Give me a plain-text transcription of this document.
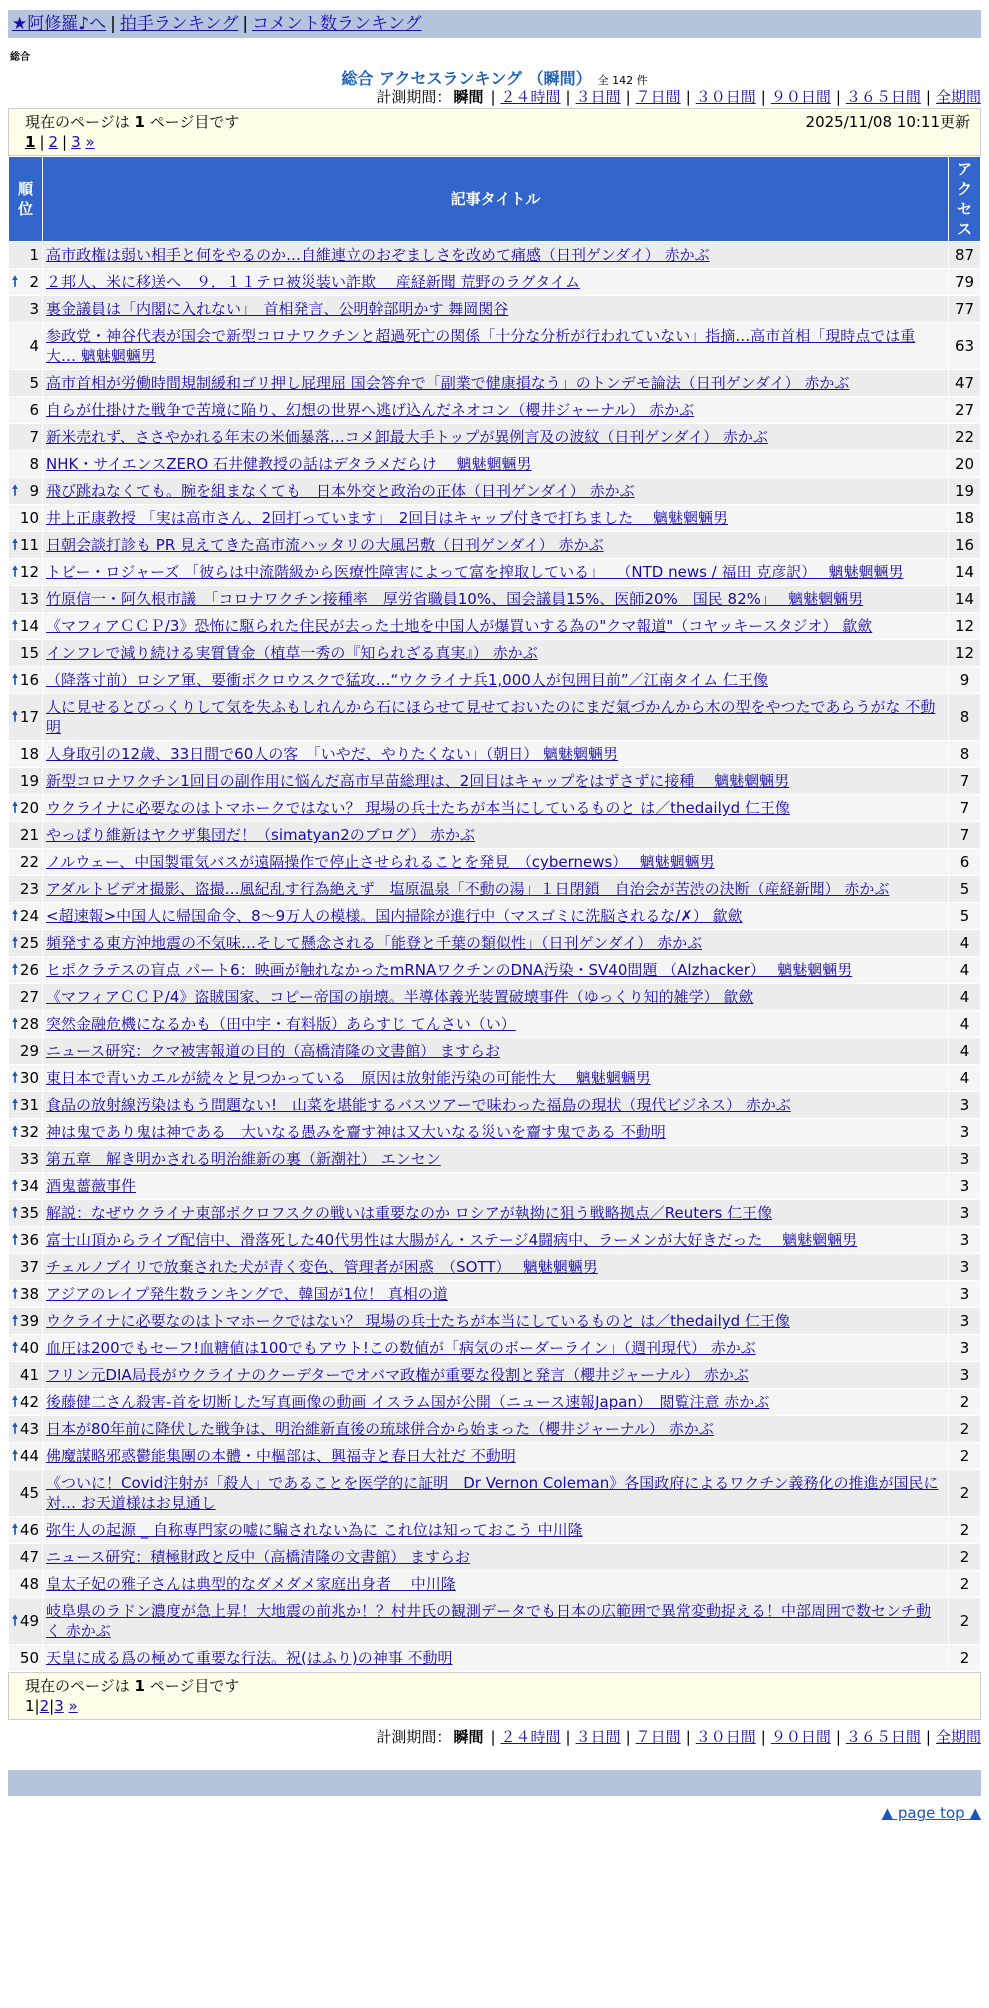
★阿修羅♪へ | 拍手ランキング | コメント数ランキング
総合
総合 アクセスランキング （瞬間） 全 142 件
計測期間： 瞬間 | ２４時間 | ３日間 | ７日間 | ３０日間 | ９０日間 | ３６５日間 | 全期間
現在のページは 1 ページ目です	2025/11/08 10:11更新
1 | 2 | 3 »
順位	記事タイトル	アクセス
1	高市政権は弱い相手と何をやるのか…自維連立のおぞましさを改めて痛感（日刊ゲンダイ） 赤かぶ	87

🠕 2	２邦人、米に移送へ　９．１１テロ被災装い詐欺　 産経新聞 荒野のラグタイム	79
3	裏金議員は「内閣に入れない」　首相発言、公明幹部明かす 舞岡関谷	77
4	参政党・神谷代表が国会で新型コロナワクチンと超過死亡の関係「十分な分析が行われていない」指摘…高市首相「現時点では重大… 魑魅魍魎男	63
5	高市首相が労働時間規制緩和ゴリ押し屁理屈 国会答弁で「副業で健康損なう」のトンデモ論法（日刊ゲンダイ） 赤かぶ	47
6	自らが仕掛けた戦争で苦境に陥り、幻想の世界へ逃げ込んだネオコン（櫻井ジャーナル） 赤かぶ	27
7	新米売れず、ささやかれる年末の米価暴落…コメ卸最大手トップが異例言及の波紋（日刊ゲンダイ） 赤かぶ	22
8	NHK・サイエンスZERO 石井健教授の話はデタラメだらけ　 魑魅魍魎男	20

🠕 9	飛び跳ねなくても。腕を組まなくても　日本外交と政治の正体（日刊ゲンダイ） 赤かぶ	19
10	井上正康教授 「実は高市さん、2回打っています」　2回目はキャップ付きで打ちました　 魑魅魍魎男	18

🠕 11	日朝会談打診も PR 見えてきた高市流ハッタリの大風呂敷（日刊ゲンダイ） 赤かぶ	16

🠕 12	トビー・ロジャーズ 「彼らは中流階級から医療性障害によって富を搾取している」　 （NTD news / 福田 克彦訳）　 魑魅魍魎男	14
13	竹原信一・阿久根市議　「コロナワクチン接種率　厚労省職員10%、国会議員15%、医師20%　国民 82%」　 魑魅魍魎男	14

🠕 14	《マフィアＣＣＰ/3》恐怖に駆られた住民が去った土地を中国人が爆買いする為の"クマ報道"（コヤッキースタジオ） 歙歛	12
15	インフレで減り続ける実質賃金（植草一秀の『知られざる真実』） 赤かぶ	12

🠕 16	（降落寸前）ロシア軍、要衝ポクロウスクで猛攻…“ウクライナ兵1,000人が包囲目前”／江南タイム 仁王像	9

🠕 17	人に見せるとびっくりして気を失ふもしれんから石にほらせて見せておいたのにまだ氣づかんから木の型をやつたであらうがな 不動明	8
18	人身取引の12歳、33日間で60人の客　「いやだ、やりたくない」（朝日） 魑魅魍魎男	8
19	新型コロナワクチン1回目の副作用に悩んだ高市早苗総理は、2回目はキャップをはずさずに接種　 魑魅魍魎男	7

🠕 20	ウクライナに必要なのはトマホークではない？ 現場の兵士たちが本当にしているものと は／thedailyd 仁王像	7
21	やっぱり維新はヤクザ集団だ！（simatyan2のブログ） 赤かぶ	7
22	ノルウェー、中国製電気バスが遠隔操作で停止させられることを発見　（cybernews）　 魑魅魍魎男	6
23	アダルトビデオ撮影、盗撮…風紀乱す行為絶えず　塩原温泉「不動の湯」１日閉鎖　自治会が苦渋の決断（産経新聞） 赤かぶ	5

🠕 24	<超速報>中国人に帰国命令、8～9万人の模様。国内掃除が進行中（マスゴミに洗脳されるな/✗） 歙歛	5

🠕 25	頻発する東方沖地震の不気味…そして懸念される「能登と千葉の類似性」（日刊ゲンダイ） 赤かぶ	4

🠕 26	ヒポクラテスの盲点 パート6：映画が触れなかったmRNAワクチンのDNA汚染・SV40問題 （Alzhacker）　 魑魅魍魎男	4
27	《マフィアＣＣＰ/4》盗賊国家、コピー帝国の崩壊。半導体義光装置破壊事件（ゆっくり知的雑学） 歙歛	4

🠕 28	突然金融危機になるかも（田中宇・有料版）あらすじ てんさい（い）	4
29	ニュース研究：クマ被害報道の目的（高橋清隆の文書館） ますらお	4

🠕 30	東日本で青いカエルが続々と見つかっている　原因は放射能汚染の可能性大　 魑魅魍魎男	4

🠕 31	食品の放射線汚染はもう問題ない!　山菜を堪能するバスツアーで味わった福島の現状（現代ビジネス） 赤かぶ	3

🠕 32	神は鬼であり鬼は神である　大いなる愚みを齎す神は又大いなる災いを齎す鬼である 不動明	3
33	第五章　解き明かされる明治維新の裏（新潮社） エンセン	3

🠕 34	酒鬼薔薇事件	3

🠕 35	解説：なぜウクライナ東部ポクロフスクの戦いは重要なのか ロシアが執拗に狙う戦略拠点／Reuters 仁王像	3

🠕 36	富士山頂からライブ配信中、滑落死した40代男性は大腸がん・ステージ4闘病中、ラーメンが大好きだった　 魑魅魍魎男	3
37	チェルノブイリで放棄された犬が青く変色、管理者が困惑　（SOTT）　 魑魅魍魎男	3

🠕 38	アジアのレイプ発生数ランキングで、韓国が1位！ 真相の道	3

🠕 39	ウクライナに必要なのはトマホークではない？ 現場の兵士たちが本当にしているものと は／thedailyd 仁王像	3

🠕 40	血圧は200でもセーフ!血糖値は100でもアウト!この数値が「病気のボーダーライン」（週刊現代） 赤かぶ	3
41	フリン元DIA局長がウクライナのクーデターでオバマ政権が重要な役割と発言（櫻井ジャーナル） 赤かぶ	3

🠕 42	後藤健二さん殺害-首を切断した写真画像の動画 イスラム国が公開（ニュース速報Japan）　閲覧注意 赤かぶ	2

🠕 43	日本が80年前に降伏した戦争は、明治維新直後の琉球併合から始まった（櫻井ジャーナル） 赤かぶ	2

🠕 44	佛魔謀略邪惑鬱能集團の本體・中樞部は、興福寺と春日大社だ 不動明	2
45	《ついに！Covid注射が「殺人」であることを医学的に証明　Dr Vernon Coleman》各国政府によるワクチン義務化の推進が国民に対… お天道様はお見通し	2

🠕 46	弥生人の起源 _ 自称専門家の嘘に騙されない為に これ位は知っておこう 中川隆	2
47	ニュース研究：積極財政と反中（高橋清隆の文書館） ますらお	2
48	皇太子妃の雅子さんは典型的なダメダメ家庭出身者　 中川隆	2

🠕 49	岐阜県のラドン濃度が急上昇！大地震の前兆か！？村井氏の観測データでも日本の広範囲で異常変動捉える！中部周囲で数センチ動く 赤かぶ	2
50	天皇に成る爲の極めて重要な行法。祝(はふり)の神事 不動明	2
現在のページは 1 ページ目です
1|2|3 »
計測期間： 瞬間 | ２４時間 | ３日間 | ７日間 | ３０日間 | ９０日間 | ３６５日間 | 全期間
▲ page top ▲
